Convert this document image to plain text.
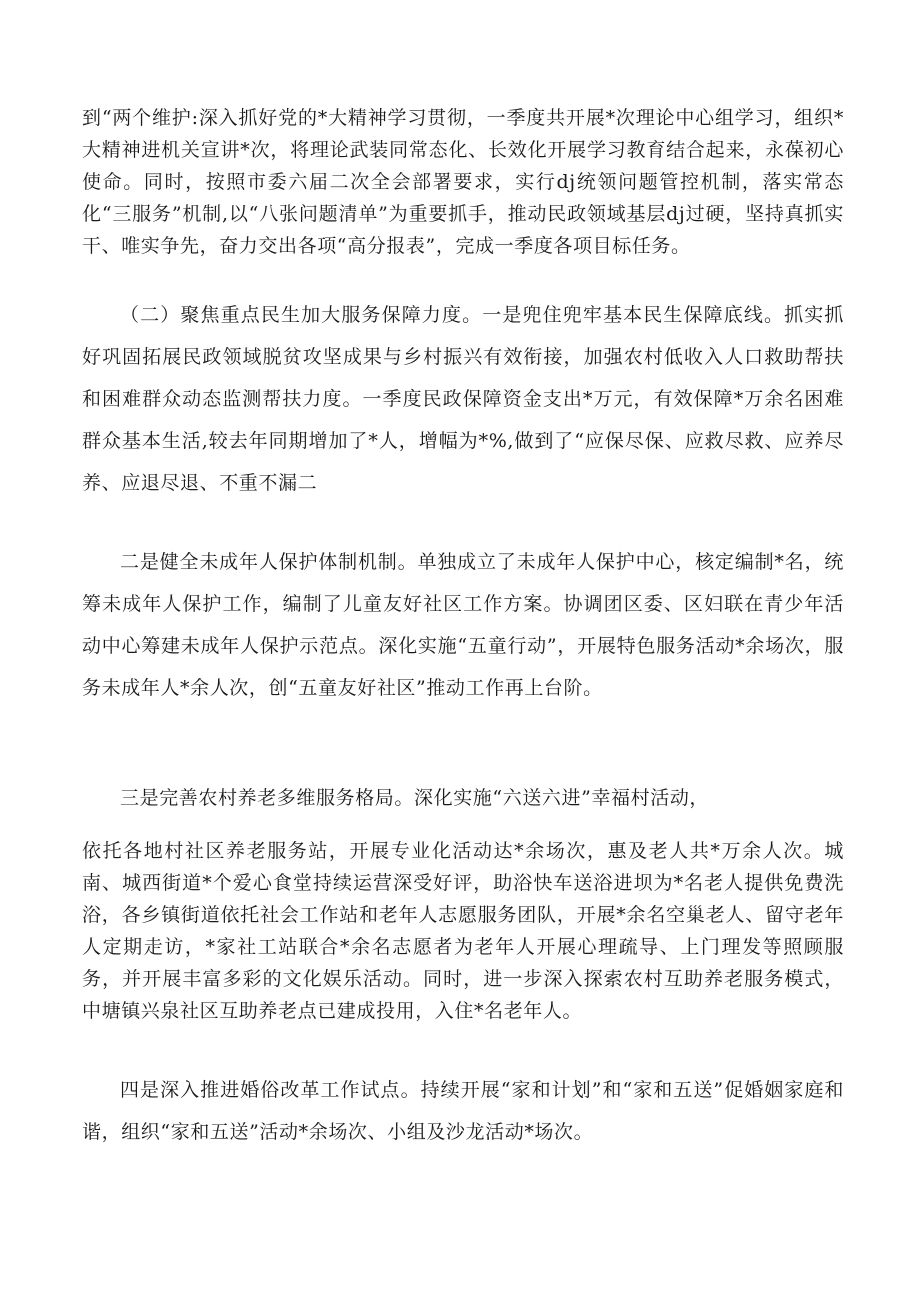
到“两个维护:深入抓好党的*大精神学习贯彻，一季度共开展*次理论中心组学习，组织*大精神进机关宣讲*次，将理论武装同常态化、长效化开展学习教育结合起来，永葆初心使命。同时，按照市委六届二次全会部署要求，实行dj统领问题管控机制，落实常态化“三服务”机制,以“八张问题清单”为重要抓手，推动民政领域基层dj过硬，坚持真抓实干、唯实争先，奋力交出各项“高分报表”，完成一季度各项目标任务。

（二）聚焦重点民生加大服务保障力度。一是兜住兜牢基本民生保障底线。抓实抓好巩固拓展民政领域脱贫攻坚成果与乡村振兴有效衔接，加强农村低收入人口救助帮扶和困难群众动态监测帮扶力度。一季度民政保障资金支出*万元，有效保障*万余名困难群众基本生活,较去年同期增加了*人，增幅为*%,做到了“应保尽保、应救尽救、应养尽养、应退尽退、不重不漏二

二是健全未成年人保护体制机制。单独成立了未成年人保护中心，核定编制*名，统筹未成年人保护工作，编制了儿童友好社区工作方案。协调团区委、区妇联在青少年活动中心筹建未成年人保护示范点。深化实施“五童行动”，开展特色服务活动*余场次，服务未成年人*余人次，创“五童友好社区”推动工作再上台阶。

三是完善农村养老多维服务格局。深化实施“六送六进”幸福村活动，

依托各地村社区养老服务站，开展专业化活动达*余场次，惠及老人共*万余人次。城南、城西街道*个爱心食堂持续运营深受好评，助浴快车送浴进坝为*名老人提供免费洗浴，各乡镇街道依托社会工作站和老年人志愿服务团队，开展*余名空巢老人、留守老年人定期走访，*家社工站联合*余名志愿者为老年人开展心理疏导、上门理发等照顾服务，并开展丰富多彩的文化娱乐活动。同时，进一步深入探索农村互助养老服务模式，中塘镇兴泉社区互助养老点已建成投用，入住*名老年人。

四是深入推进婚俗改革工作试点。持续开展“家和计划”和“家和五送”促婚姻家庭和谐，组织“家和五送”活动*余场次、小组及沙龙活动*场次。
